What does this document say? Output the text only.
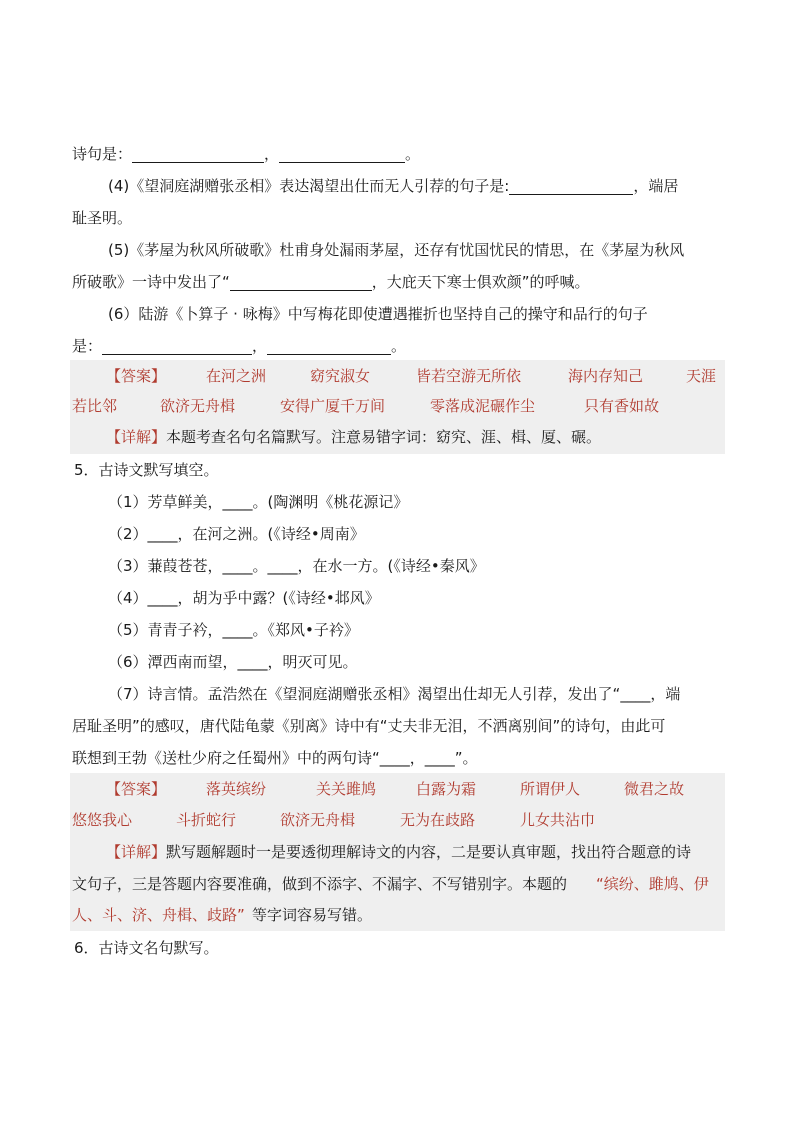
诗句是：	，	。
(4)《望洞庭湖赠张丞相》表达渴望出仕而无人引荐的句子是:	，端居
耻圣明。
(5)《茅屋为秋风所破歌》杜甫身处漏雨茅屋，还存有忧国忧民的情思，在《茅屋为秋风
所破歌》一诗中发出了“	，大庇天下寒士俱欢颜”的呼喊。
(6）陆游《卜算子 · 咏梅》中写梅花即使遭遇摧折也坚持自己的操守和品行的句子
是：	，	。
【答案】	在河之洲	窈究淑女	皆若空游无所依	海内存知己	天涯
若比邻	欲济无舟楫	安得广厦千万间	零落成泥碾作尘	只有香如故
【详解】 本题考查名句名篇默写。注意易错字词：窈究、涯、楫、厦、碾。
5．古诗文默写填空。
（1）芳草鲜美，____。(陶渊明《桃花源记》
（2）____，在河之洲。(《诗经•周南》
（3）蒹葭苍苍，____。____，在水一方。(《诗经•秦风》
（4）____，胡为乎中露？(《诗经•邶风》
（5）青青子衿，____。《郑风•子衿》
（6）潭西南而望，____，明灭可见。
（7）诗言情。孟浩然在《望洞庭湖赠张丞相》渴望出仕却无人引荐，发出了“____，端
居耻圣明”的感叹，唐代陆龟蒙《别离》诗中有“丈夫非无泪，不洒离别间”的诗句，由此可
联想到王勃《送杜少府之任蜀州》中的两句诗“____，____”。
【答案】	落英缤纷	关关雎鸠	白露为霜	所谓伊人	微君之故
悠悠我心	斗折蛇行	欲济无舟楫	无为在歧路	儿女共沾巾
【详解】 默写题解题时一是要透彻理解诗文的内容，二是要认真审题，找出符合题意的诗
文句子，三是答题内容要准确，做到不添字、不漏字、不写错别字。本题的 “缤纷、雎鸠、伊
人、斗、济、舟楫、歧路” 等字词容易写错。
6．古诗文名句默写。
